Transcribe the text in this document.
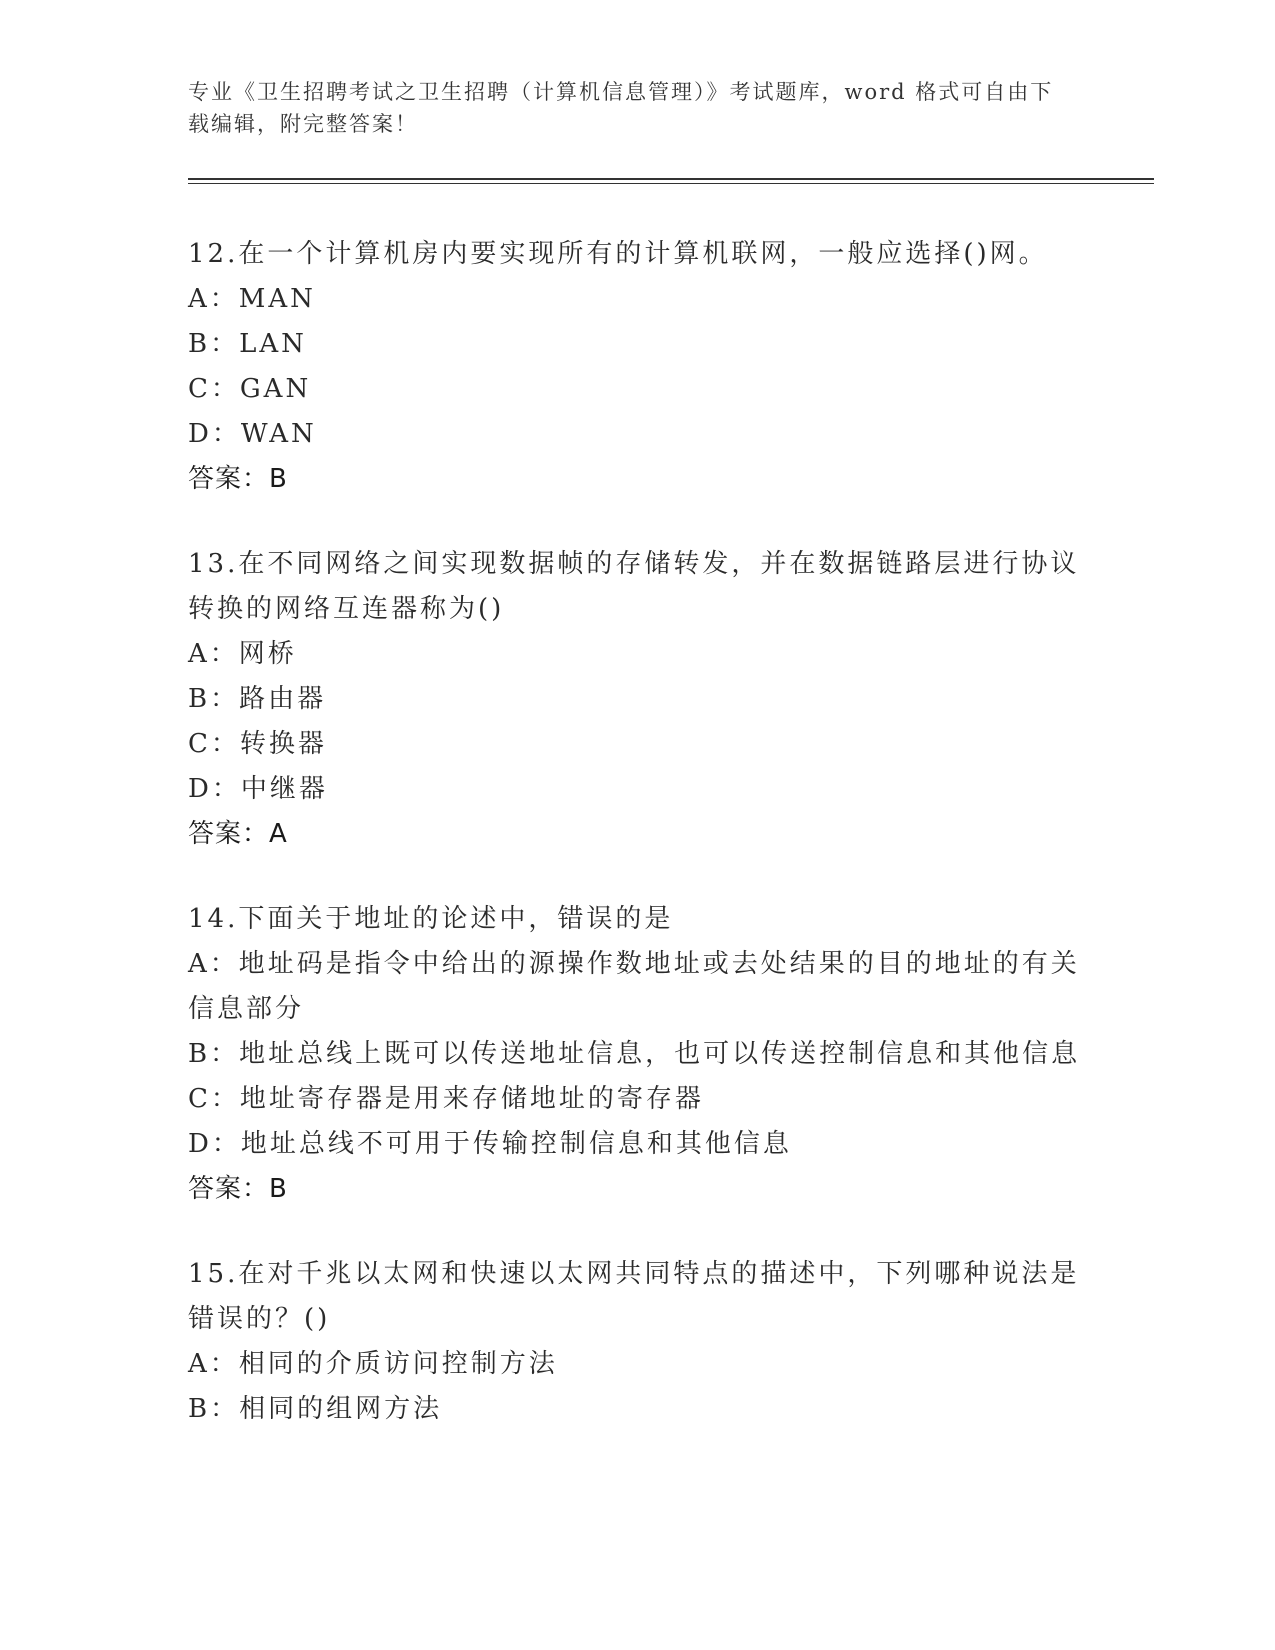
专业《卫生招聘考试之卫生招聘（计算机信息管理）》考试题库，word 格式可自由下载编辑，附完整答案！
12.在一个计算机房内要实现所有的计算机联网，一般应选择()网。
A：MAN
B：LAN
C：GAN
D：WAN
答案：B
13.在不同网络之间实现数据帧的存储转发，并在数据链路层进行协议转换的网络互连器称为()
A：网桥
B：路由器
C：转换器
D：中继器
答案：A
14.下面关于地址的论述中，错误的是
A：地址码是指令中给出的源操作数地址或去处结果的目的地址的有关信息部分
B：地址总线上既可以传送地址信息，也可以传送控制信息和其他信息
C：地址寄存器是用来存储地址的寄存器
D：地址总线不可用于传输控制信息和其他信息
答案：B
15.在对千兆以太网和快速以太网共同特点的描述中，下列哪种说法是错误的？()
A：相同的介质访问控制方法
B：相同的组网方法
